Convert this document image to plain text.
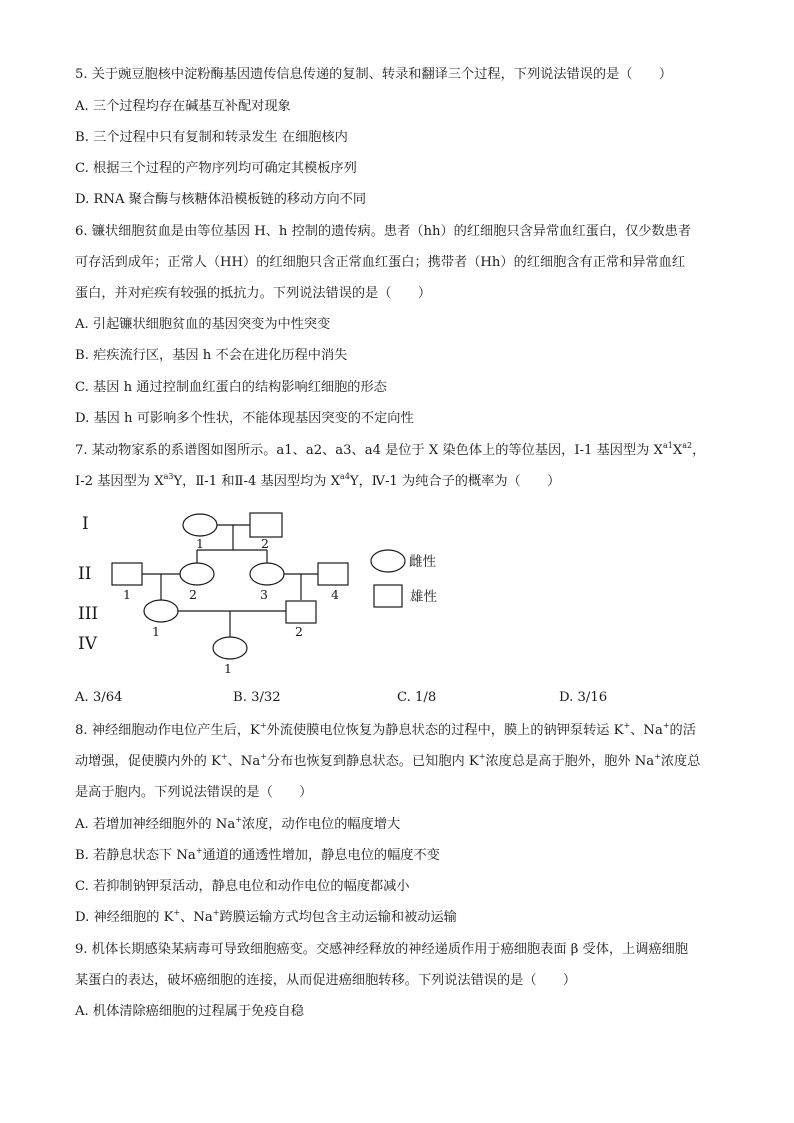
5. 关于豌豆胞核中淀粉酶基因遗传信息传递的复制、转录和翻译三个过程，下列说法错误的是（　　）
A. 三个过程均存在碱基互补配对现象
B. 三个过程中只有复制和转录发生 在细胞核内
C. 根据三个过程的产物序列均可确定其模板序列
D. RNA 聚合酶与核糖体沿模板链的移动方向不同
6. 镰状细胞贫血是由等位基因 H、h 控制的遗传病。患者（hh）的红细胞只含异常血红蛋白，仅少数患者
可存活到成年；正常人（HH）的红细胞只含正常血红蛋白；携带者（Hh）的红细胞含有正常和异常血红
蛋白，并对疟疾有较强的抵抗力。下列说法错误的是（　　）
A. 引起镰状细胞贫血的基因突变为中性突变
B. 疟疾流行区，基因 h 不会在进化历程中消失
C. 基因 h 通过控制血红蛋白的结构影响红细胞的形态
D. 基因 h 可影响多个性状，不能体现基因突变的不定向性
7. 某动物家系的系谱图如图所示。a1、a2、a3、a4 是位于 X 染色体上的等位基因，Ⅰ-1 基因型为 $X^{a1}X^{a2}$，
Ⅰ-2 基因型为 $X^{a3}Y$，Ⅱ-1 和Ⅱ-4 基因型均为 $X^{a4}Y$，Ⅳ-1 为纯合子的概率为（　　）
I
II
III
IV
1	2
1	2	3	4
1	2
1
雌性
雄性
A. 3/64	B. 3/32	C. 1/8	D. 3/16
8. 神经细胞动作电位产生后，K+外流使膜电位恢复为静息状态的过程中，膜上的钠钾泵转运 K+、Na+的活
动增强，促使膜内外的 K+、Na+分布也恢复到静息状态。已知胞内 K+浓度总是高于胞外，胞外 Na+浓度总
是高于胞内。下列说法错误的是（　　）
A. 若增加神经细胞外的 Na+浓度，动作电位的幅度增大
B. 若静息状态下 Na+通道的通透性增加，静息电位的幅度不变
C. 若抑制钠钾泵活动，静息电位和动作电位的幅度都减小
D. 神经细胞的 K+、Na+跨膜运输方式均包含主动运输和被动运输
9. 机体长期感染某病毒可导致细胞癌变。交感神经释放的神经递质作用于癌细胞表面 β 受体，上调癌细胞
某蛋白的表达，破坏癌细胞的连接，从而促进癌细胞转移。下列说法错误的是（　　）
A. 机体清除癌细胞的过程属于免疫自稳
